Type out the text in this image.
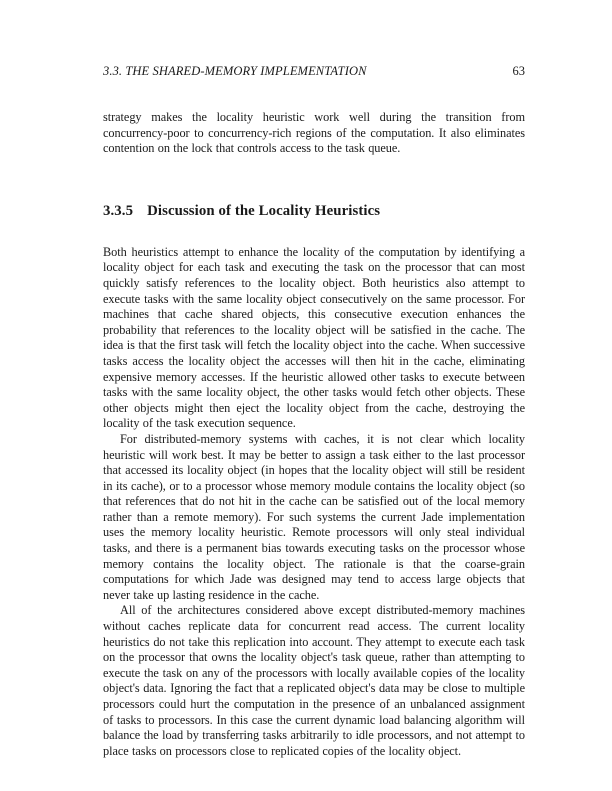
3.3. THE SHARED-MEMORY IMPLEMENTATION	63

strategy makes the locality heuristic work well during the transition from concurrency-poor to concurrency-rich regions of the computation. It also eliminates contention on the lock that controls access to the task queue.

3.3.5 Discussion of the Locality Heuristics

Both heuristics attempt to enhance the locality of the computation by identifying a locality object for each task and executing the task on the processor that can most quickly satisfy references to the locality object. Both heuristics also attempt to execute tasks with the same locality object consecutively on the same processor. For machines that cache shared objects, this consecutive execution enhances the probability that references to the locality object will be satisfied in the cache. The idea is that the first task will fetch the locality object into the cache. When successive tasks access the locality object the accesses will then hit in the cache, eliminating expensive memory accesses. If the heuristic allowed other tasks to execute between tasks with the same locality object, the other tasks would fetch other objects. These other objects might then eject the locality object from the cache, destroying the locality of the task execution sequence.

For distributed-memory systems with caches, it is not clear which locality heuristic will work best. It may be better to assign a task either to the last processor that accessed its locality object (in hopes that the locality object will still be resident in its cache), or to a processor whose memory module contains the locality object (so that references that do not hit in the cache can be satisfied out of the local memory rather than a remote memory). For such systems the current Jade implementation uses the memory locality heuristic. Remote processors will only steal individual tasks, and there is a permanent bias towards executing tasks on the processor whose memory contains the locality object. The rationale is that the coarse-grain computations for which Jade was designed may tend to access large objects that never take up lasting residence in the cache.

All of the architectures considered above except distributed-memory machines without caches replicate data for concurrent read access. The current locality heuristics do not take this replication into account. They attempt to execute each task on the processor that owns the locality object's task queue, rather than attempting to execute the task on any of the processors with locally available copies of the locality object's data. Ignoring the fact that a replicated object's data may be close to multiple processors could hurt the computation in the presence of an unbalanced assignment of tasks to processors. In this case the current dynamic load balancing algorithm will balance the load by transferring tasks arbitrarily to idle processors, and not attempt to place tasks on processors close to replicated copies of the locality object.
